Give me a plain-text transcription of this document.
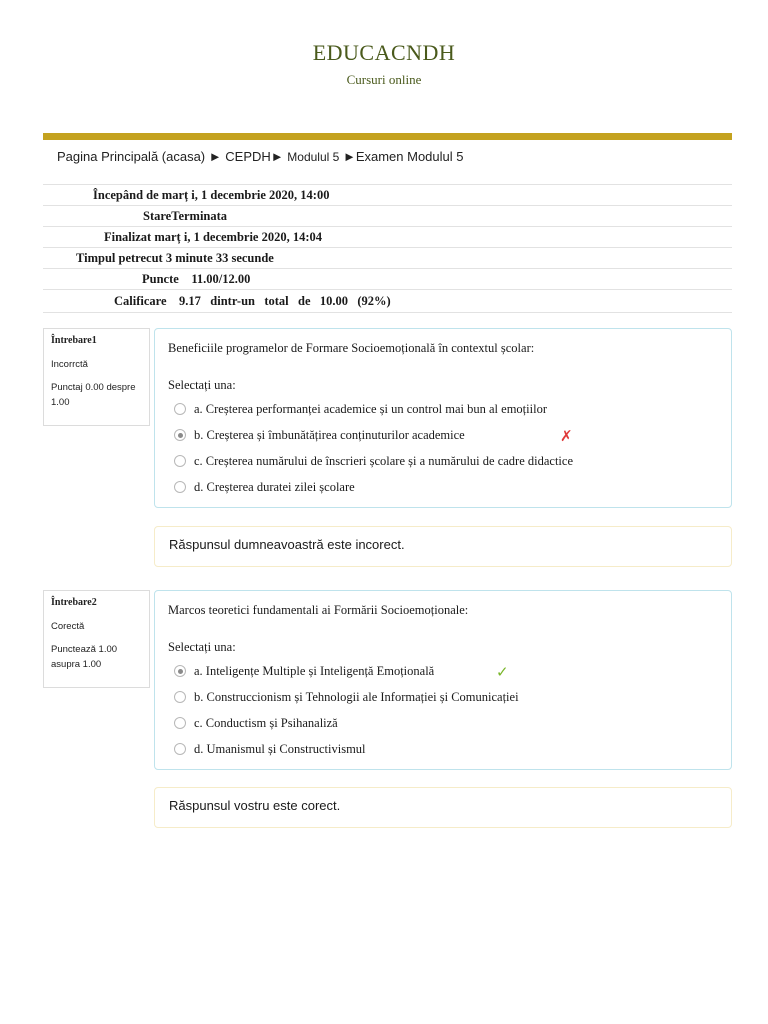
EDUCACNDH
Cursuri online
Pagina Principală (acasa) ► CEPDH► Modulul 5 ►Examen Modulul 5
Începând de
marț i, 1 decembrie 2020, 14:00
Stare Terminata
Finalizat
marț i, 1 decembrie 2020, 14:04
Timpul petrecut
3 minute 33 secunde
Puncte
11.00/12.00
Calificare
9.17   dintr-un   total   de   10.00   (92%)
Întrebare1

Incorrctă

Punctaj 0.00 despre 1.00

Beneficiile programelor de Formare Socioemoțională în contextul școlar:
Selectați una:
a. Creșterea performanței academice și un control mai bun al emoțiilor
b. Creșterea și îmbunătățirea conținuturilor academice	✗
c. Creșterea numărului de înscrieri școlare și a numărului de cadre didactice
d. Creșterea duratei zilei școlare
Răspunsul dumneavoastră este incorect.
Întrebare2

Corectă

Punctează 1.00 asupra 1.00

Marcos teoretici fundamentali ai Formării Socioemoționale:
Selectați una:
a. Inteligențe Multiple și Inteligență Emoțională	✓
b. Construccionism și Tehnologii ale Informației și Comunicației
c. Conductism și Psihanaliză
d. Umanismul și Constructivismul
Răspunsul vostru este corect.
